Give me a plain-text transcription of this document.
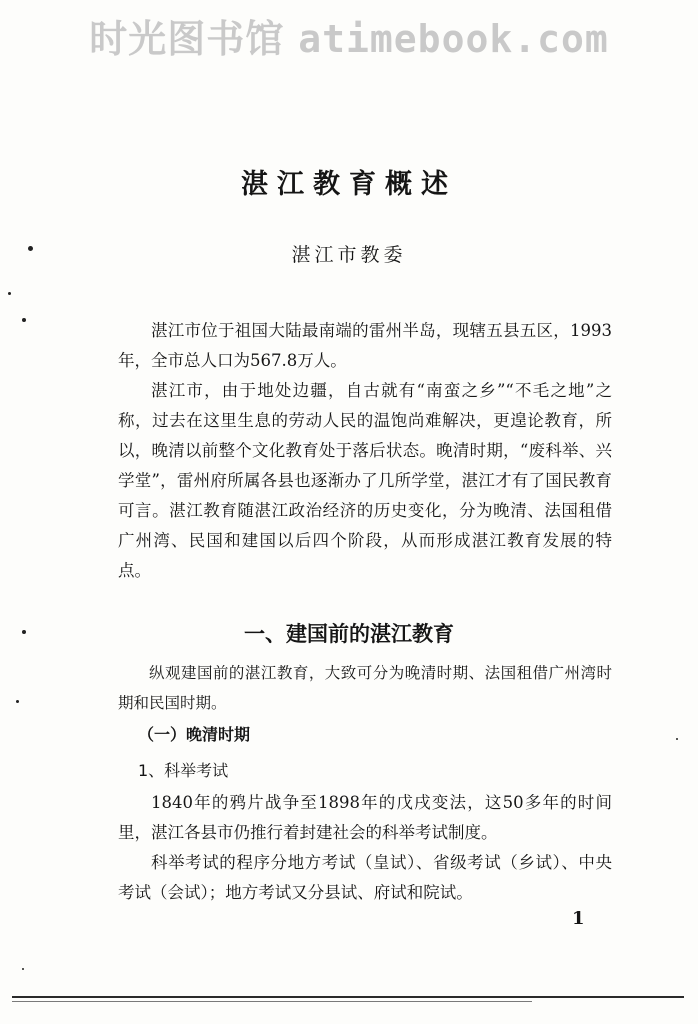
时光图书馆 atimebook.com
湛江教育概述
湛江市教委

湛江市位于祖国大陆最南端的雷州半岛，现辖五县五区，1993年，全市总人口为567.8万人。

湛江市，由于地处边疆，自古就有“南蛮之乡”“不毛之地”之称，过去在这里生息的劳动人民的温饱尚难解决，更遑论教育，所以，晚清以前整个文化教育处于落后状态。晚清时期，“废科举、兴学堂”，雷州府所属各县也逐渐办了几所学堂，湛江才有了国民教育可言。湛江教育随湛江政治经济的历史变化，分为晚清、法国租借广州湾、民国和建国以后四个阶段，从而形成湛江教育发展的特点。

一、建国前的湛江教育

纵观建国前的湛江教育，大致可分为晚清时期、法国租借广州湾时期和民国时期。

（一）晚清时期
1、科举考试

1840年的鸦片战争至1898年的戊戌变法，这50多年的时间里，湛江各县市仍推行着封建社会的科举考试制度。

科举考试的程序分地方考试（皇试）、省级考试（乡试）、中央考试（会试）；地方考试又分县试、府试和院试。

1
